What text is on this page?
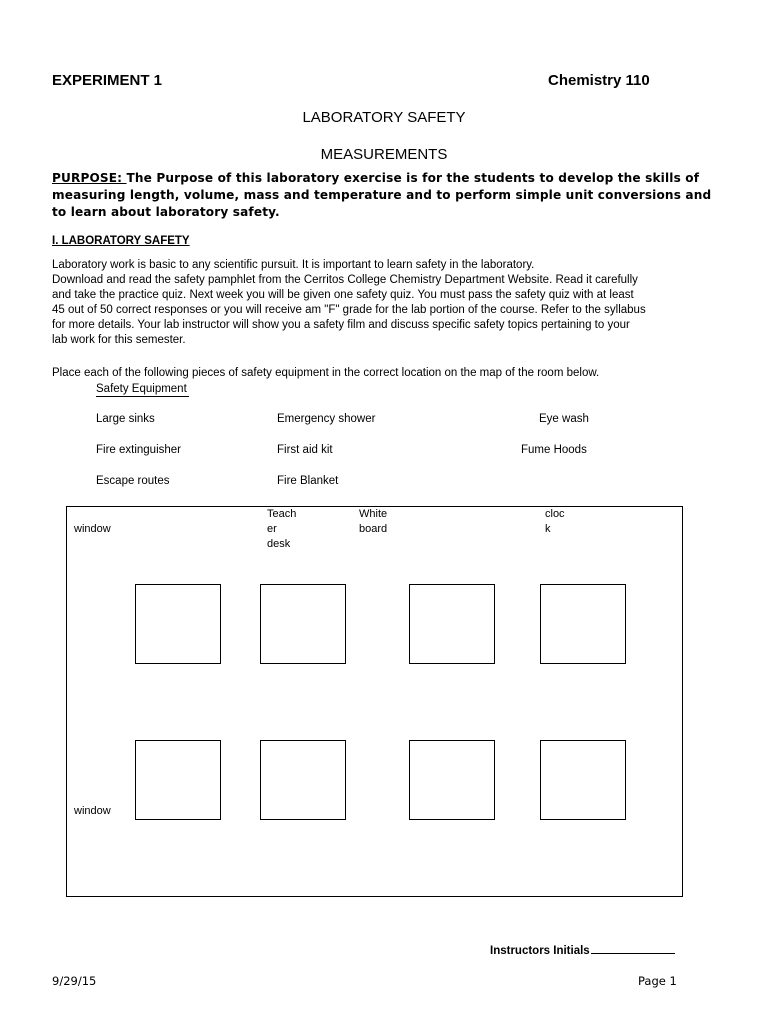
EXPERIMENT 1	Chemistry 110
LABORATORY SAFETY
MEASUREMENTS
PURPOSE: The Purpose of this laboratory exercise is for the students to develop the skills of measuring length, volume, mass and temperature and to perform simple unit conversions and to learn about laboratory safety.
I. LABORATORY SAFETY
Laboratory work is basic to any scientific pursuit. It is important to learn safety in the laboratory.
Download and read the safety pamphlet from the Cerritos College Chemistry Department Website. Read it carefully
and take the practice quiz. Next week you will be given one safety quiz. You must pass the safety quiz with at least
45 out of 50 correct responses or you will receive am "F" grade for the lab portion of the course. Refer to the syllabus
for more details. Your lab instructor will show you a safety film and discuss specific safety topics pertaining to your
lab work for this semester.
Place each of the following pieces of safety equipment in the correct location on the map of the room below.
Safety Equipment
Large sinks	Emergency shower	Eye wash
Fire extinguisher	First aid kit	Fume Hoods
Escape routes	Fire Blanket
window
Teach
er
desk
White
board
cloc
k
window
Instructors Initials
9/29/15	Page 1
